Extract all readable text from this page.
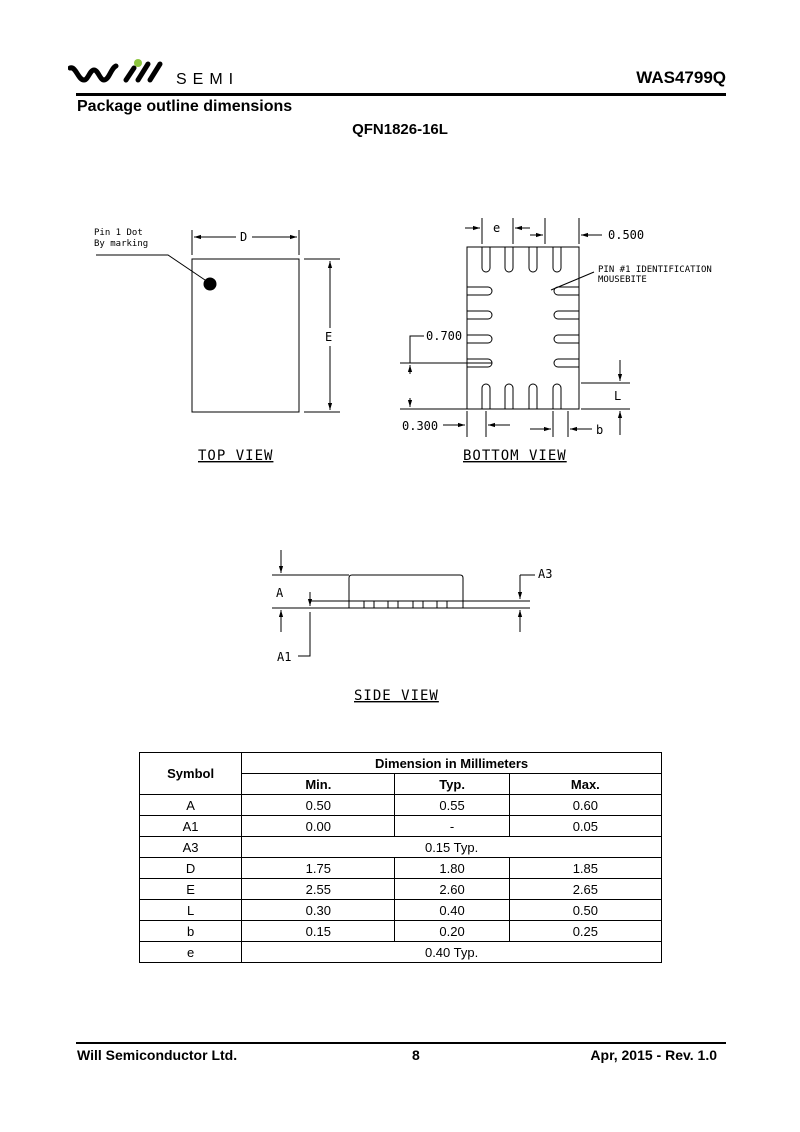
SEMI	WAS4799Q
Package outline dimensions
QFN1826-16L
Pin 1 Dot
By marking	D
E
TOP VIEW
e	0.500
PIN #1 IDENTIFICATION
MOUSEBITE
0.700
L
0.300	b
BOTTOM VIEW
A
A1
A3
SIDE VIEW
Symbol	Dimension in Millimeters		
	Min.	Typ.	Max.
A	0.50	0.55	0.60
A1	0.00	-	0.05
A3	0.15 Typ.		
D	1.75	1.80	1.85
E	2.55	2.60	2.65
L	0.30	0.40	0.50
b	0.15	0.20	0.25
e	0.40 Typ.		
Will Semiconductor Ltd.	8	Apr, 2015 - Rev. 1.0
